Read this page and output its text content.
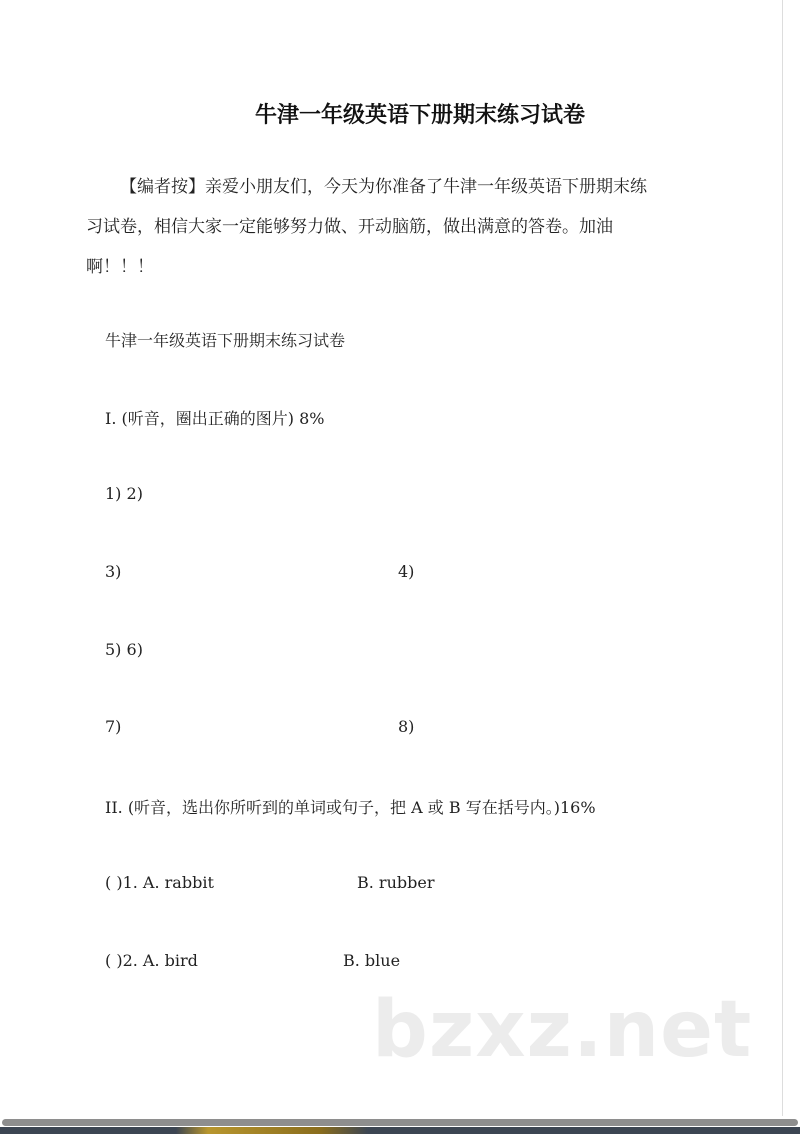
牛津一年级英语下册期末练习试卷
【编者按】亲爱小朋友们，今天为你准备了牛津一年级英语下册期末练
习试卷，相信大家一定能够努力做、开动脑筋，做出满意的答卷。加油
啊！！！
牛津一年级英语下册期末练习试卷
I. (听音，圈出正确的图片) 8%
1) 2)
3)	4)
5) 6)
7)	8)
II. (听音，选出你所听到的单词或句子，把 A 或 B 写在括号内。)16%
( )1. A. rabbit	B. rubber
( )2. A. bird	B. blue
bzxz.net
